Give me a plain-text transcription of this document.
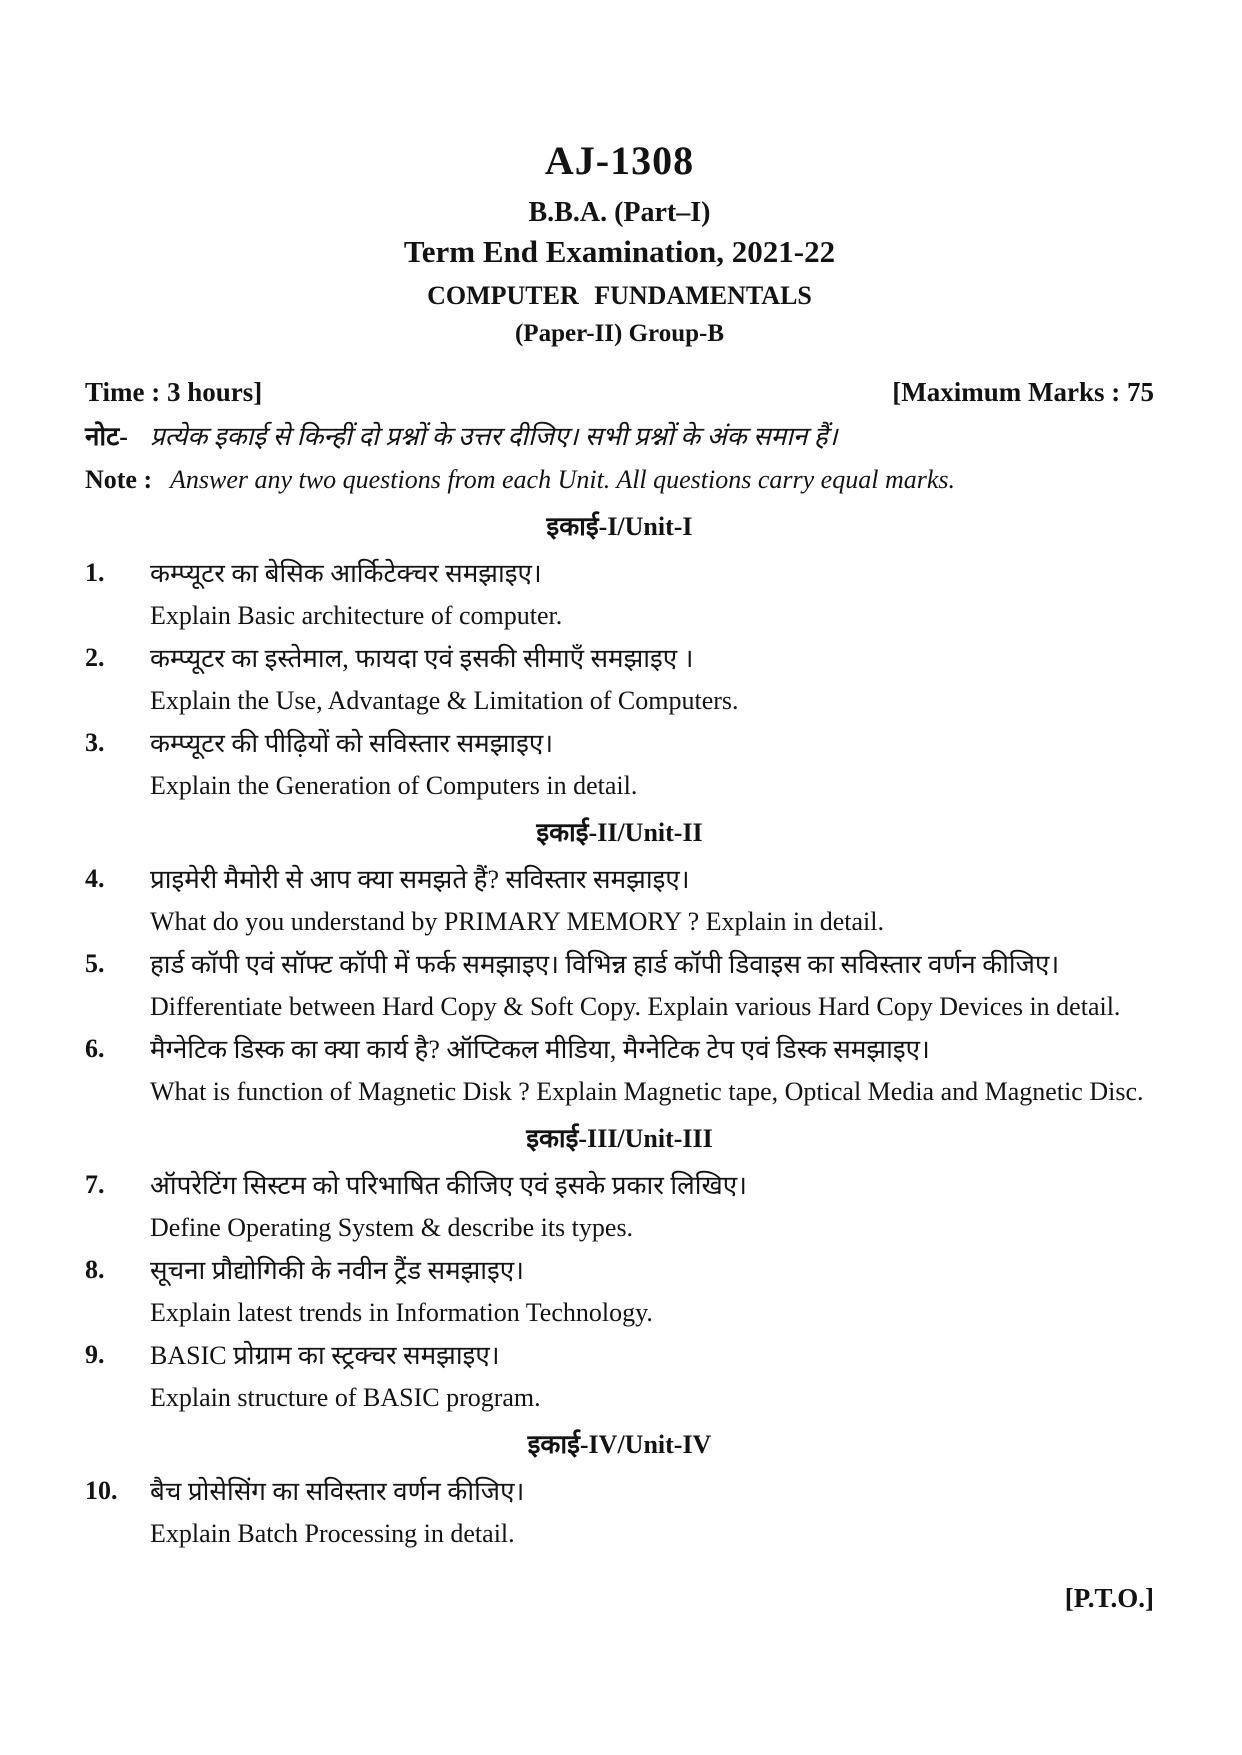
AJ-1308
B.B.A. (Part–I)
Term End Examination, 2021-22
COMPUTER FUNDAMENTALS
(Paper-II) Group-B
Time : 3 hours]	[Maximum Marks : 75
नोट- प्रत्येक इकाई से किन्हीं दो प्रश्नों के उत्तर दीजिए। सभी प्रश्नों के अंक समान हैं।
Note : Answer any two questions from each Unit. All questions carry equal marks.
इकाई-I/Unit-I
1.	कम्प्यूटर का बेसिक आर्किटेक्चर समझाइए।
Explain Basic architecture of computer.
2.	कम्प्यूटर का इस्तेमाल, फायदा एवं इसकी सीमाएँ समझाइए ।
Explain the Use, Advantage & Limitation of Computers.
3.	कम्प्यूटर की पीढ़ियों को सविस्तार समझाइए।
Explain the Generation of Computers in detail.
इकाई-II/Unit-II
4.	प्राइमेरी मैमोरी से आप क्या समझते हैं? सविस्तार समझाइए।
What do you understand by PRIMARY MEMORY ? Explain in detail.
5.	हार्ड कॉपी एवं सॉफ्ट कॉपी में फर्क समझाइए। विभिन्न हार्ड कॉपी डिवाइस का सविस्तार वर्णन कीजिए।
Differentiate between Hard Copy & Soft Copy. Explain various Hard Copy Devices in detail.
6.	मैग्नेटिक डिस्क का क्या कार्य है? ऑप्टिकल मीडिया, मैग्नेटिक टेप एवं डिस्क समझाइए।
What is function of Magnetic Disk ? Explain Magnetic tape, Optical Media and Magnetic Disc.
इकाई-III/Unit-III
7.	ऑपरेटिंग सिस्टम को परिभाषित कीजिए एवं इसके प्रकार लिखिए।
Define Operating System & describe its types.
8.	सूचना प्रौद्योगिकी के नवीन ट्रैंड समझाइए।
Explain latest trends in Information Technology.
9.	BASIC प्रोग्राम का स्ट्रक्चर समझाइए।
Explain structure of BASIC program.
इकाई-IV/Unit-IV
10.	बैच प्रोसेसिंग का सविस्तार वर्णन कीजिए।
Explain Batch Processing in detail.
[P.T.O.]
